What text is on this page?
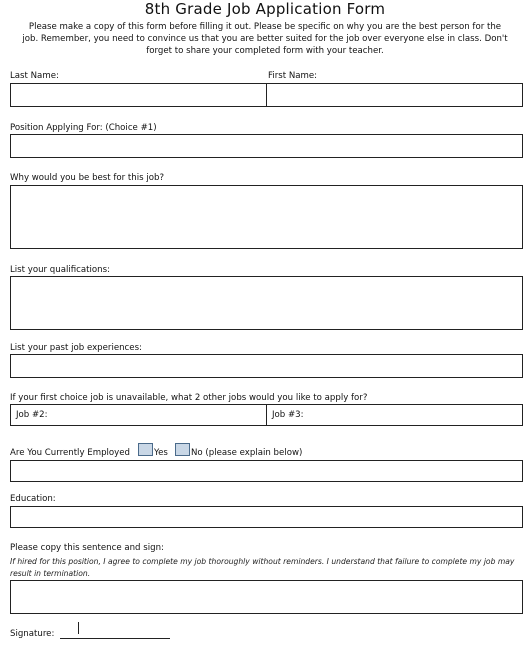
8th Grade Job Application Form
Please make a copy of this form before filling it out. Please be specific on why you are the best person for the job. Remember, you need to convince us that you are better suited for the job over everyone else in class. Don't forget to share your completed form with your teacher.
Last Name:	First Name:
Position Applying For: (Choice #1)
Why would you be best for this job?
List your qualifications:
List your past job experiences:
If your first choice job is unavailable, what 2 other jobs would you like to apply for?
Job #2:	Job #3:
Are You Currently Employed	Yes	No (please explain below)
Education:
Please copy this sentence and sign:
If hired for this position, I agree to complete my job thoroughly without reminders. I understand that failure to complete my job may result in termination.
Signature:
